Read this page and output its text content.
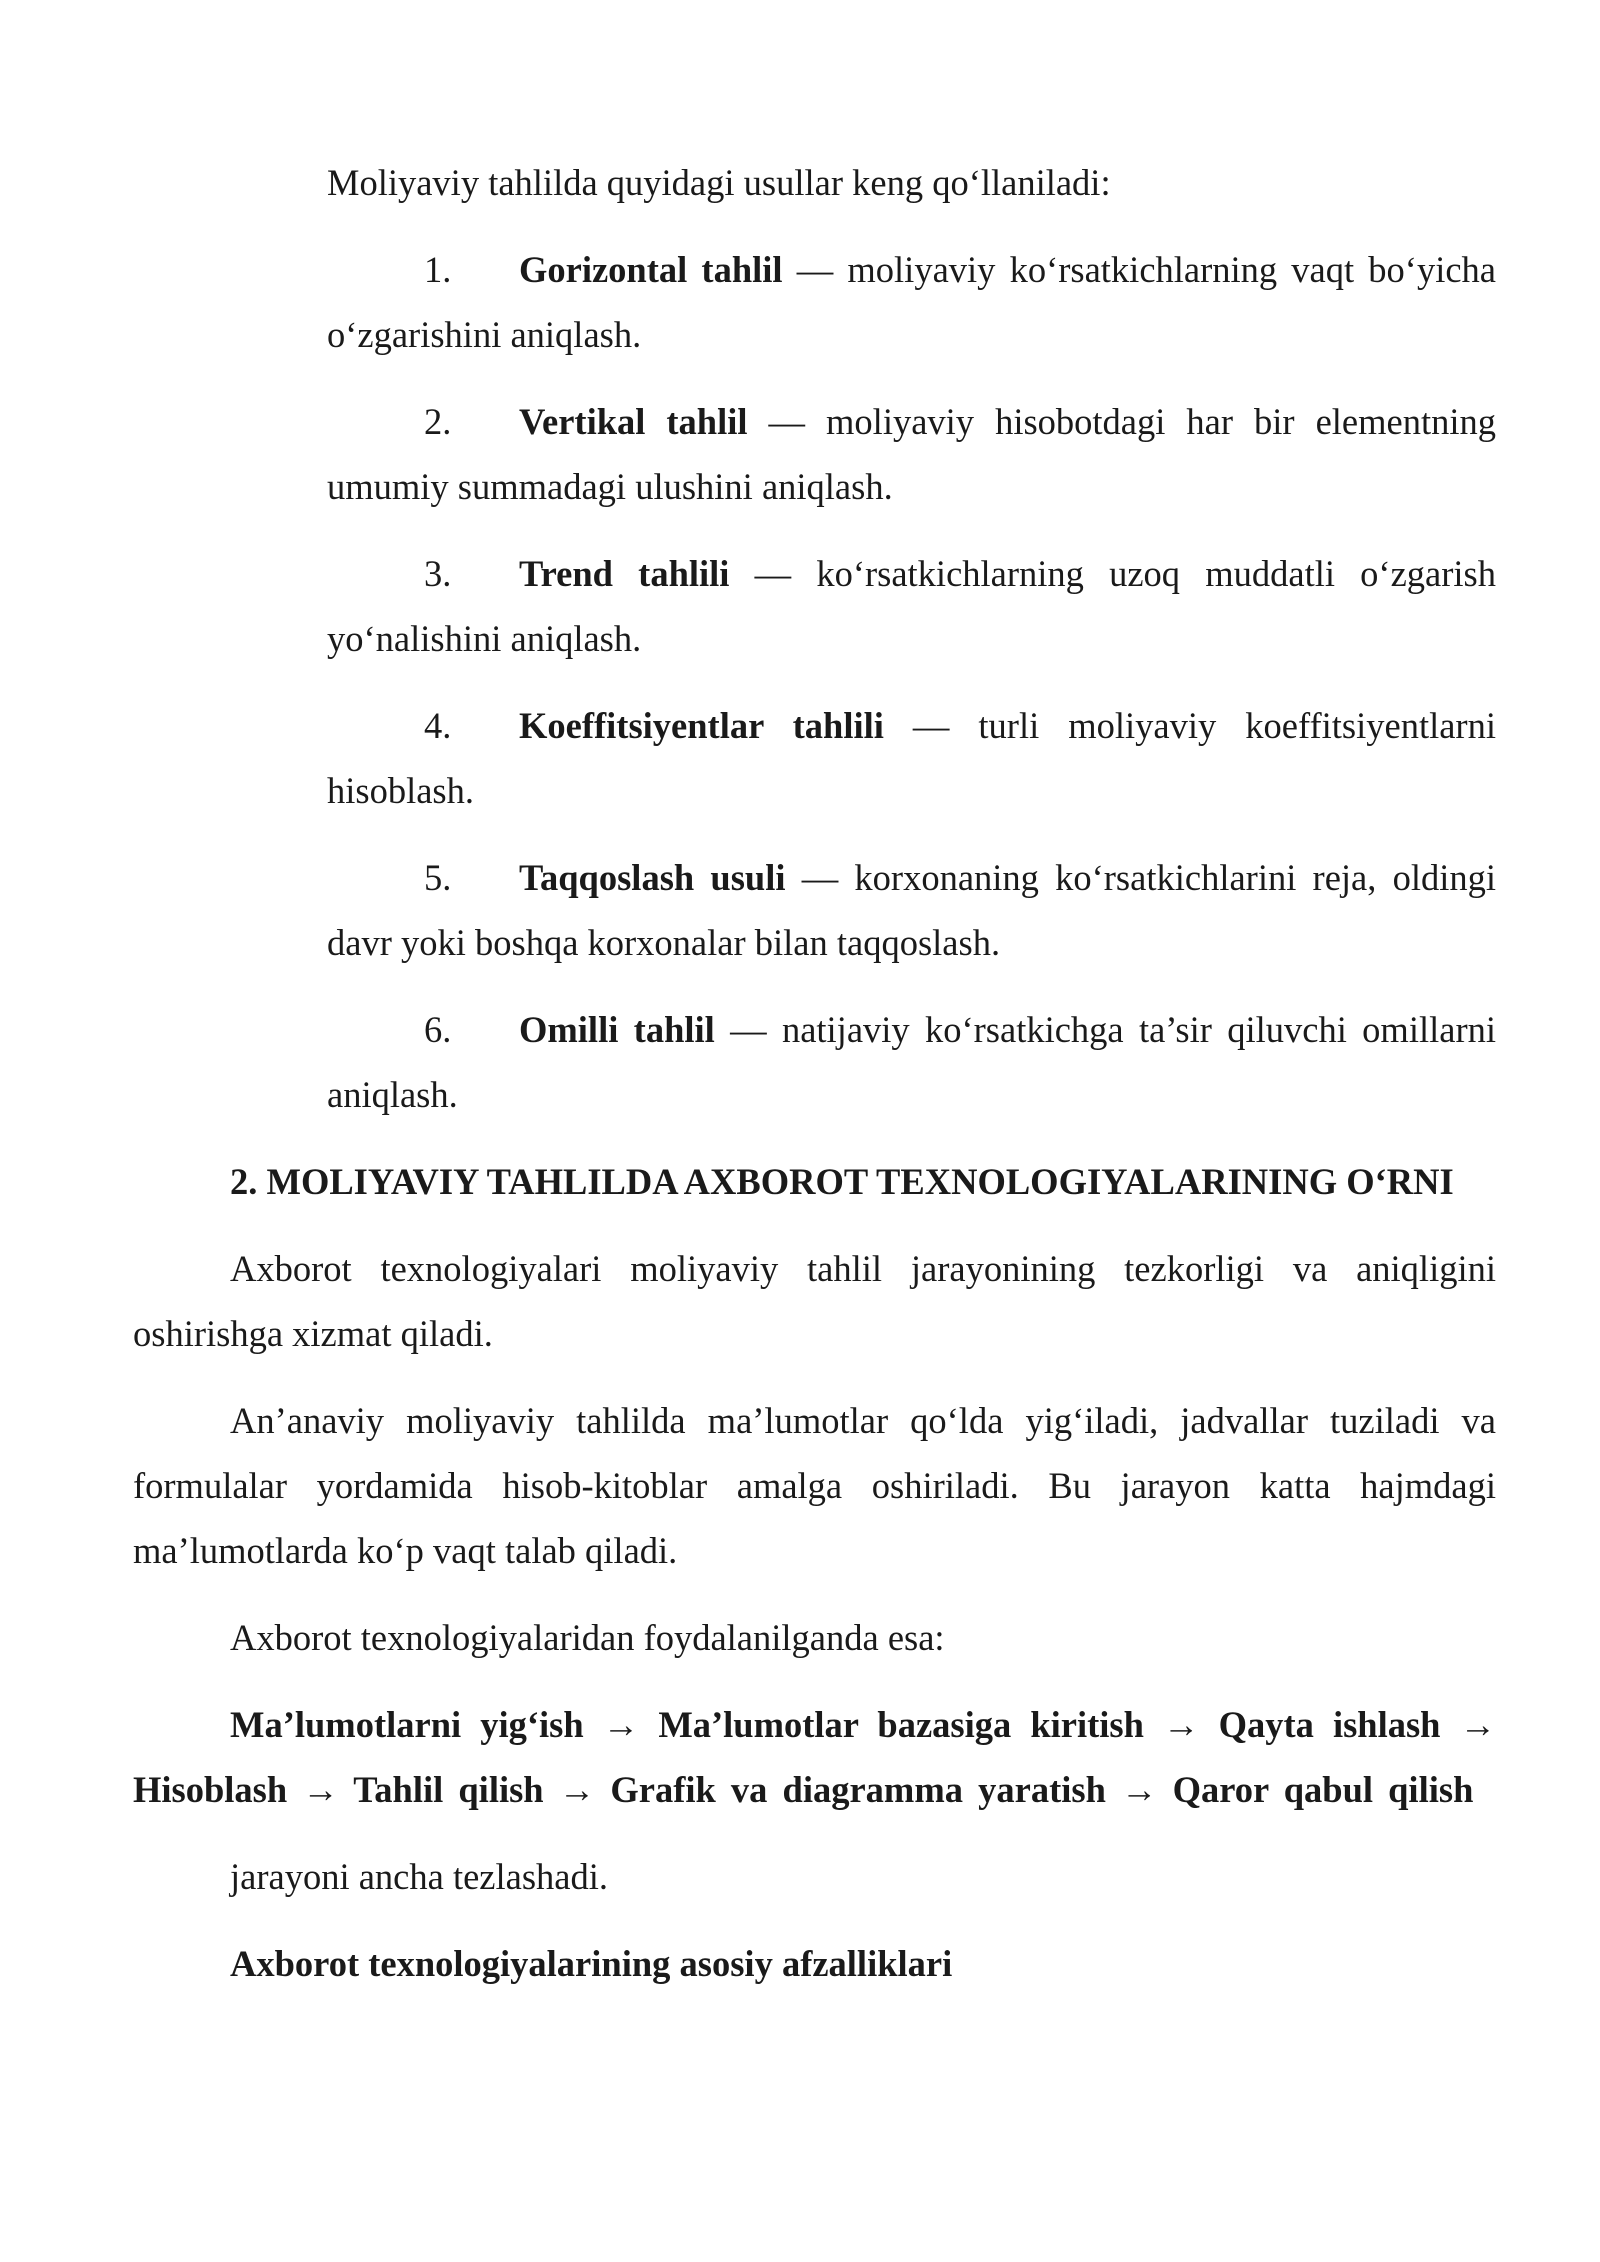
Moliyaviy tahlilda quyidagi usullar keng qo‘llaniladi:

1. Gorizontal tahlil — moliyaviy ko‘rsatkichlarning vaqt bo‘yicha
o‘zgarishini aniqlash.
2. Vertikal tahlil — moliyaviy hisobotdagi har bir elementning
umumiy summadagi ulushini aniqlash.
3. Trend tahlili — ko‘rsatkichlarning uzoq muddatli o‘zgarish
yo‘nalishini aniqlash.
4. Koeffitsiyentlar tahlili — turli moliyaviy koeffitsiyentlarni
hisoblash.
5. Taqqoslash usuli — korxonaning ko‘rsatkichlarini reja, oldingi
davr yoki boshqa korxonalar bilan taqqoslash.
6. Omilli tahlil — natijaviy ko‘rsatkichga ta’sir qiluvchi omillarni
aniqlash.

2. MOLIYAVIY TAHLILDA AXBOROT TEXNOLOGIYALARINING O‘RNI

Axborot texnologiyalari moliyaviy tahlil jarayonining tezkorligi va aniqligini oshirishga xizmat qiladi.

An’anaviy moliyaviy tahlilda ma’lumotlar qo‘lda yig‘iladi, jadvallar tuziladi va formulalar yordamida hisob-kitoblar amalga oshiriladi. Bu jarayon katta hajmdagi ma’lumotlarda ko‘p vaqt talab qiladi.

Axborot texnologiyalaridan foydalanilganda esa:

Ma’lumotlarni yig‘ish → Ma’lumotlar bazasiga kiritish → Qayta ishlash → Hisoblash → Tahlil qilish → Grafik va diagramma yaratish → Qaror qabul qilish

jarayoni ancha tezlashadi.

Axborot texnologiyalarining asosiy afzalliklari
